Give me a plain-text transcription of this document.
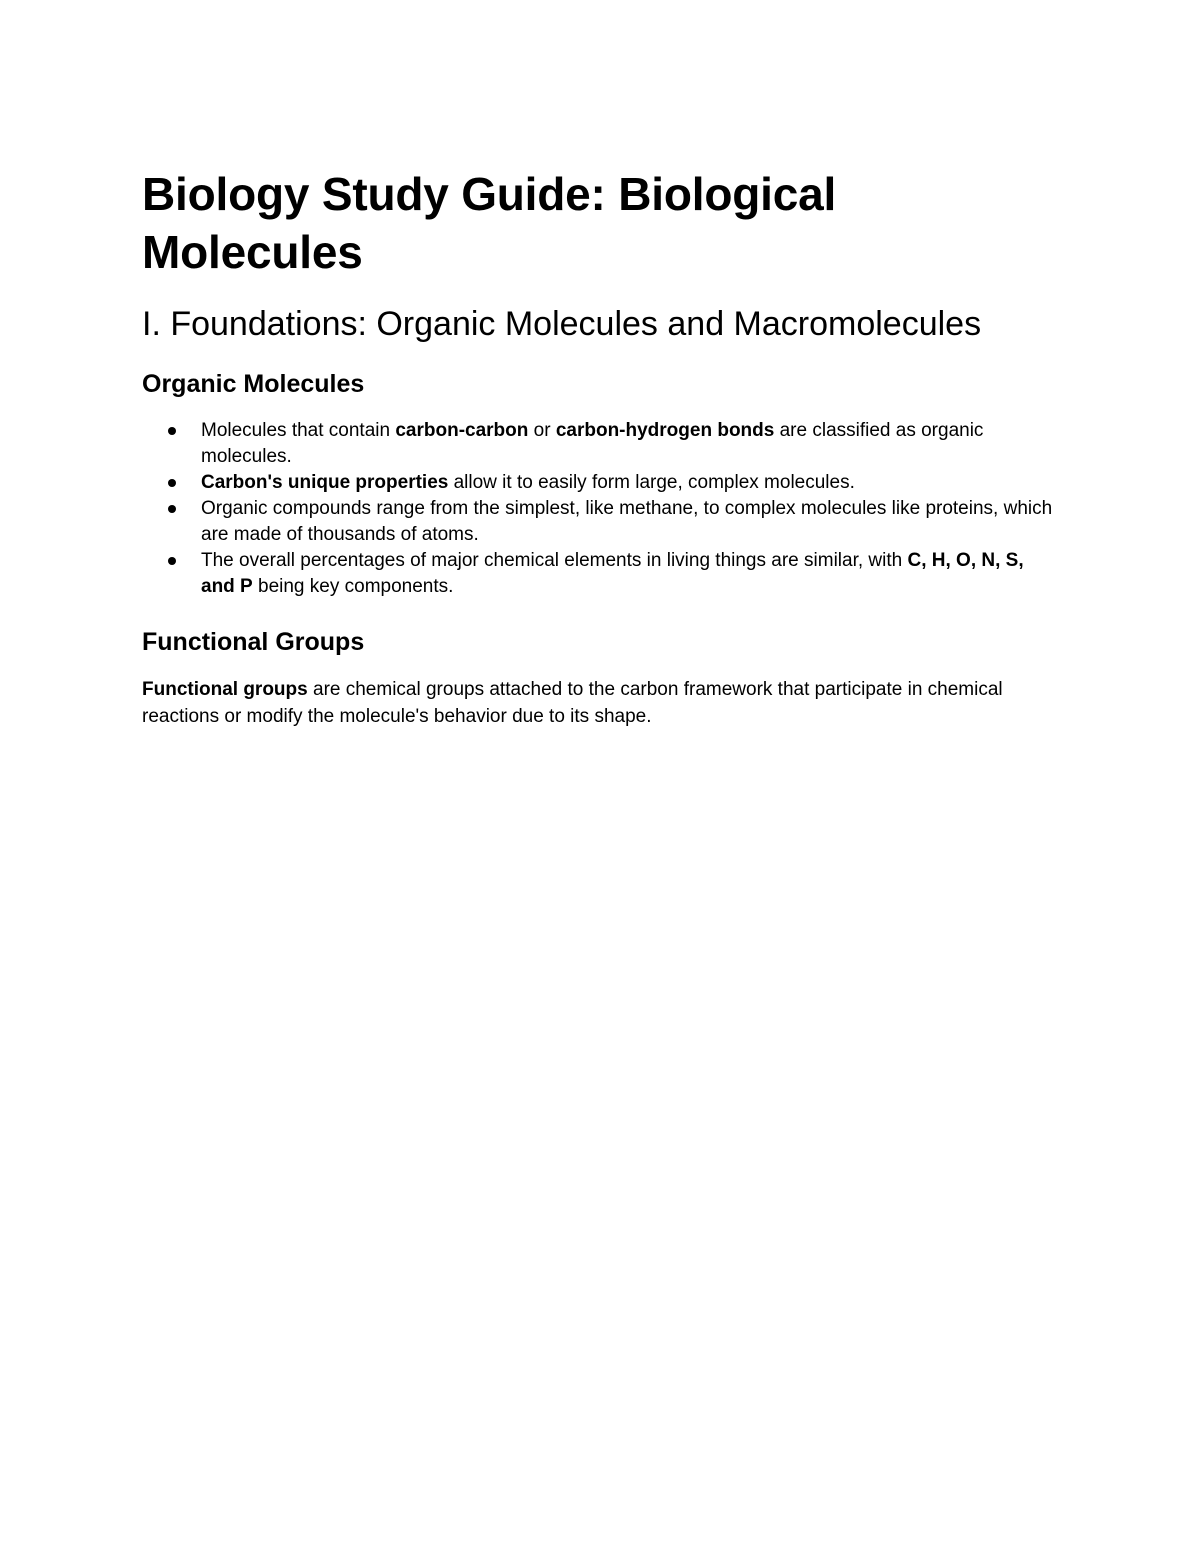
Biology Study Guide: Biological Molecules
I. Foundations: Organic Molecules and Macromolecules
Organic Molecules
Molecules that contain carbon-carbon or carbon-hydrogen bonds are classified as organic molecules.
Carbon's unique properties allow it to easily form large, complex molecules.
Organic compounds range from the simplest, like methane, to complex molecules like proteins, which are made of thousands of atoms.
The overall percentages of major chemical elements in living things are similar, with C, H, O, N, S, and P being key components.
Functional Groups

Functional groups are chemical groups attached to the carbon framework that participate in chemical reactions or modify the molecule's behavior due to its shape.
